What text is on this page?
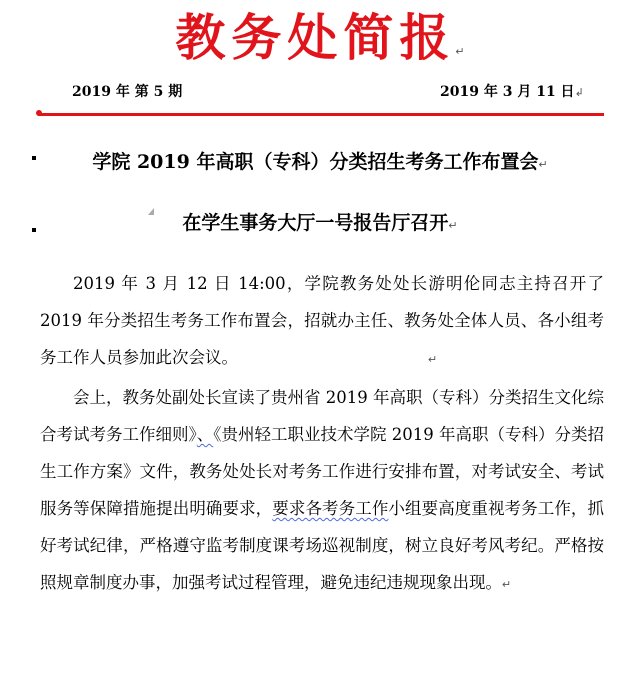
教务处简报↵
2019 年 第 5 期	2019 年 3 月 11 日↲
学院 2019 年高职（专科）分类招生考务工作布置会↵
在学生事务大厅一号报告厅召开↵

2019 年 3 月 12 日 14:00，学院教务处处长游明伦同志主持召开了 2019 年分类招生考务工作布置会，招就办主任、教务处全体人员、各小组考务工作人员参加此次会议。	↵

会上，教务处副处长宣读了贵州省 2019 年高职（专科）分类招生文化综合考试考务工作细则》、《贵州轻工职业技术学院 2019 年高职（专科）分类招生工作方案》文件，教务处处长对考务工作进行安排布置，对考试安全、考试服务等保障措施提出明确要求，要求各考务工作小组要高度重视考务工作，抓好考试纪律，严格遵守监考制度课考场巡视制度，树立良好考风考纪。严格按照规章制度办事，加强考试过程管理，避免违纪违规现象出现。↵
